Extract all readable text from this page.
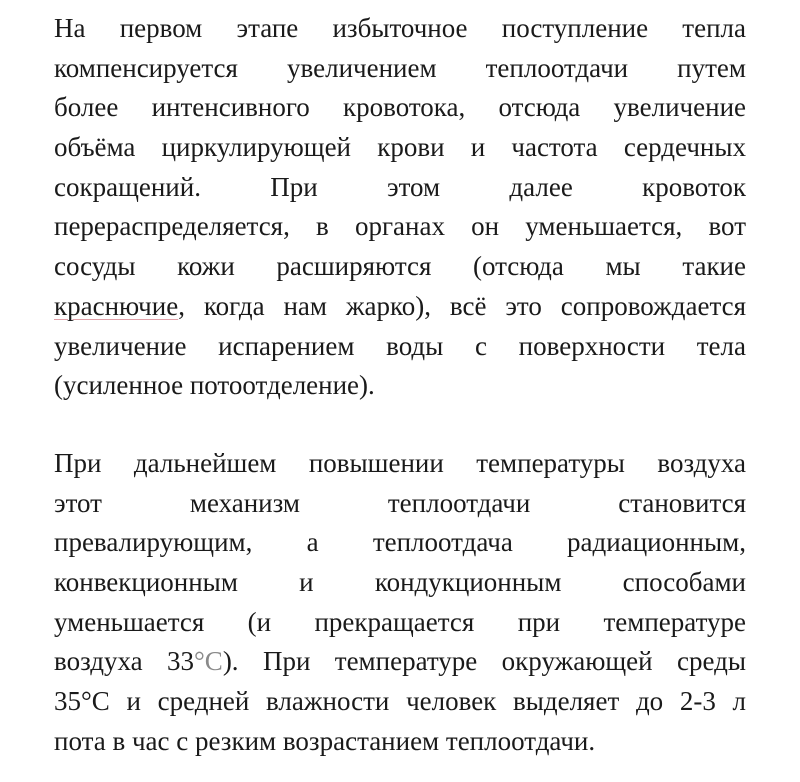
На первом этапе избыточное поступление тепла
компенсируется увеличением теплоотдачи путем
более интенсивного кровотока, отсюда увеличение
объёма циркулирующей крови и частота сердечных
сокращений. При этом далее кровоток
перераспределяется, в органах он уменьшается, вот
сосуды кожи расширяются (отсюда мы такие
краснючие, когда нам жарко), всё это сопровождается
увеличение испарением воды с поверхности тела
(усиленное потоотделение).

При дальнейшем повышении температуры воздуха
этот механизм теплоотдачи становится
превалирующим, а теплоотдача радиационным,
конвекционным и кондукционным способами
уменьшается (и прекращается при температуре
воздуха 33°С). При температуре окружающей среды
35°С и средней влажности человек выделяет до 2-3 л
пота в час с резким возрастанием теплоотдачи.
